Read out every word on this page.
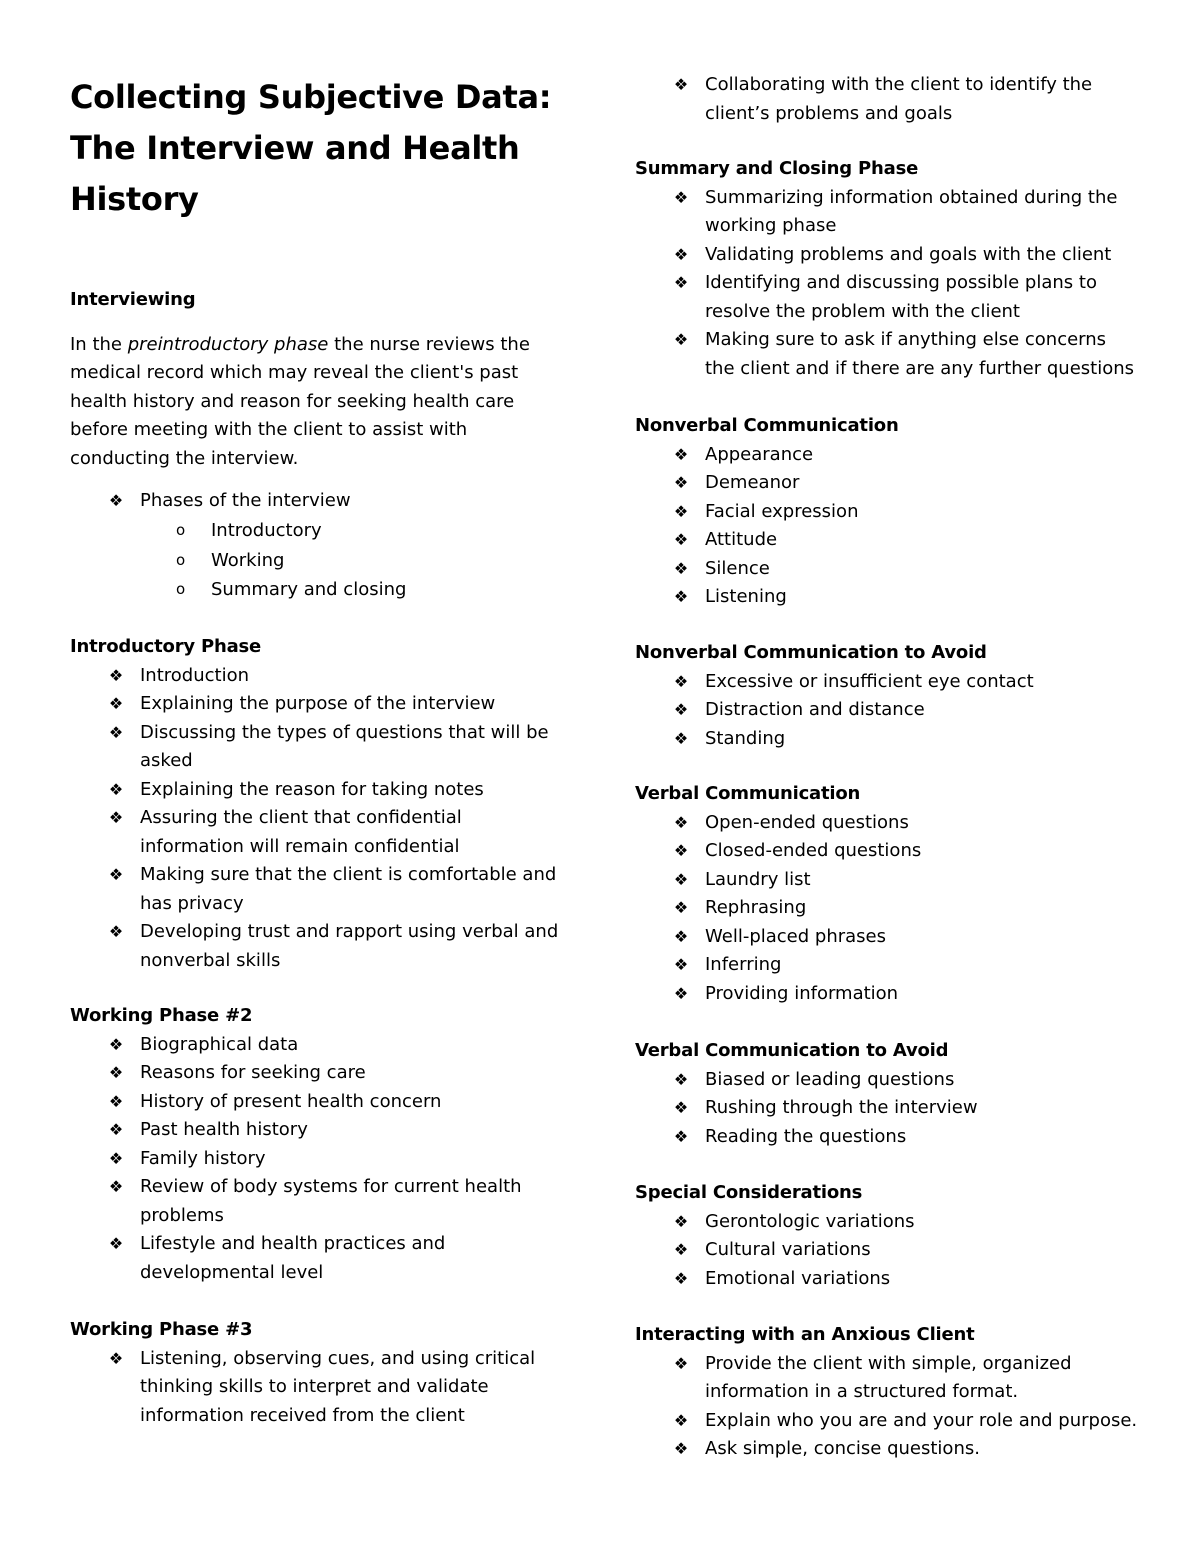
Collecting Subjective Data:
The Interview and Health
History

Interviewing

In the preintroductory phase the nurse reviews the medical record which may reveal the client's past health history and reason for seeking health care before meeting with the client to assist with conducting the interview.

❖ Phases of the interview
o Introductory
o Working
o Summary and closing

Introductory Phase

❖ Introduction
❖ Explaining the purpose of the interview
❖ Discussing the types of questions that will be asked
❖ Explaining the reason for taking notes
❖ Assuring the client that confidential information will remain confidential
❖ Making sure that the client is comfortable and has privacy
❖ Developing trust and rapport using verbal and nonverbal skills

Working Phase #2

❖ Biographical data
❖ Reasons for seeking care
❖ History of present health concern
❖ Past health history
❖ Family history
❖ Review of body systems for current health problems
❖ Lifestyle and health practices and developmental level

Working Phase #3

❖ Listening, observing cues, and using critical thinking skills to interpret and validate information received from the client
❖ Collaborating with the client to identify the client’s problems and goals

Summary and Closing Phase

❖ Summarizing information obtained during the working phase
❖ Validating problems and goals with the client
❖ Identifying and discussing possible plans to resolve the problem with the client
❖ Making sure to ask if anything else concerns the client and if there are any further questions

Nonverbal Communication

❖ Appearance
❖ Demeanor
❖ Facial expression
❖ Attitude
❖ Silence
❖ Listening

Nonverbal Communication to Avoid

❖ Excessive or insufficient eye contact
❖ Distraction and distance
❖ Standing

Verbal Communication

❖ Open-ended questions
❖ Closed-ended questions
❖ Laundry list
❖ Rephrasing
❖ Well-placed phrases
❖ Inferring
❖ Providing information

Verbal Communication to Avoid

❖ Biased or leading questions
❖ Rushing through the interview
❖ Reading the questions

Special Considerations

❖ Gerontologic variations
❖ Cultural variations
❖ Emotional variations

Interacting with an Anxious Client

❖ Provide the client with simple, organized information in a structured format.
❖ Explain who you are and your role and purpose.
❖ Ask simple, concise questions.
